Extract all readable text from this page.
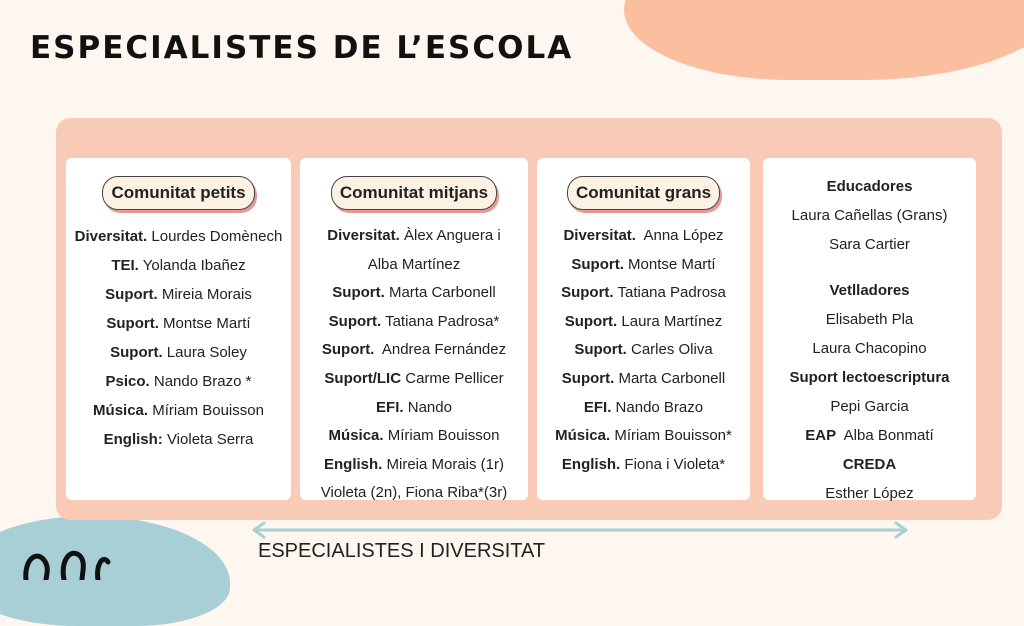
ESPECIALISTES DE L’ESCOLA
Comunitat petits
Diversitat. Lourdes Domènech
TEI. Yolanda Ibañez
Suport. Mireia Morais
Suport. Montse Martí
Suport. Laura Soley
Psico. Nando Brazo *
Música. Míriam Bouisson
English: Violeta Serra
Comunitat mitjans
Diversitat. Àlex Anguera i
Alba Martínez
Suport. Marta Carbonell
Suport. Tatiana Padrosa*
Suport.  Andrea Fernández
Suport/LIC Carme Pellicer
EFI. Nando
Música. Míriam Bouisson
English. Mireia Morais (1r)
Violeta (2n), Fiona Riba*(3r)
Comunitat grans
Diversitat.  Anna López
Suport. Montse Martí
Suport. Tatiana Padrosa
Suport. Laura Martínez
Suport. Carles Oliva
Suport. Marta Carbonell
EFI. Nando Brazo
Música. Míriam Bouisson*
English. Fiona i Violeta*
Educadores
Laura Cañellas (Grans)
Sara Cartier
Vetlladores
Elisabeth Pla
Laura Chacopino
Suport lectoescriptura
Pepi Garcia
EAP  Alba Bonmatí
CREDA
Esther López
ESPECIALISTES I DIVERSITAT
